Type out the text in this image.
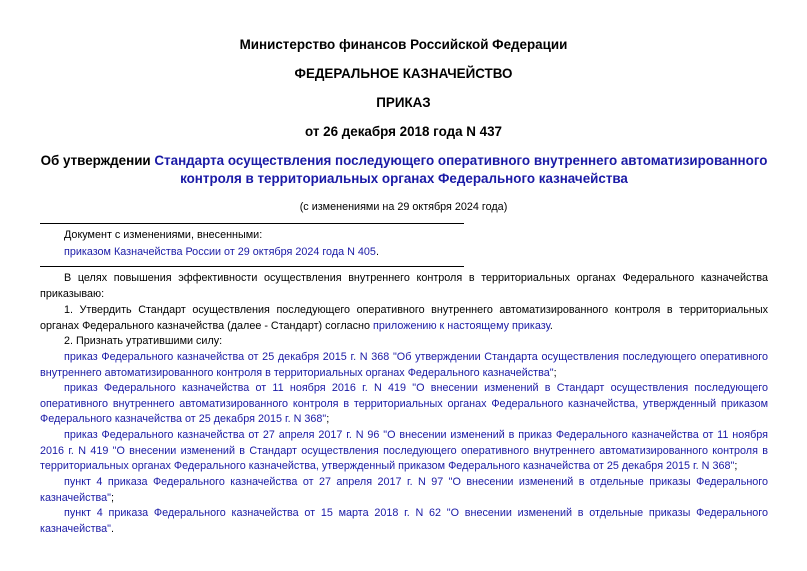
Министерство финансов Российской Федерации
ФЕДЕРАЛЬНОЕ КАЗНАЧЕЙСТВО
ПРИКАЗ
от 26 декабря 2018 года N 437
Об утверждении Стандарта осуществления последующего оперативного внутреннего автоматизированного контроля в территориальных органах Федерального казначейства
(с изменениями на 29 октября 2024 года)
Документ с изменениями, внесенными:
приказом Казначейства России от 29 октября 2024 года N 405.
В целях повышения эффективности осуществления внутреннего контроля в территориальных органах Федерального казначейства приказываю:
1. Утвердить Стандарт осуществления последующего оперативного внутреннего автоматизированного контроля в территориальных органах Федерального казначейства (далее - Стандарт) согласно приложению к настоящему приказу.
2. Признать утратившими силу:
приказ Федерального казначейства от 25 декабря 2015 г. N 368 "Об утверждении Стандарта осуществления последующего оперативного внутреннего автоматизированного контроля в территориальных органах Федерального казначейства";
приказ Федерального казначейства от 11 ноября 2016 г. N 419 "О внесении изменений в Стандарт осуществления последующего оперативного внутреннего автоматизированного контроля в территориальных органах Федерального казначейства, утвержденный приказом Федерального казначейства от 25 декабря 2015 г. N 368";
приказ Федерального казначейства от 27 апреля 2017 г. N 96 "О внесении изменений в приказ Федерального казначейства от 11 ноября 2016 г. N 419 "О внесении изменений в Стандарт осуществления последующего оперативного внутреннего автоматизированного контроля в территориальных органах Федерального казначейства, утвержденный приказом Федерального казначейства от 25 декабря 2015 г. N 368";
пункт 4 приказа Федерального казначейства от 27 апреля 2017 г. N 97 "О внесении изменений в отдельные приказы Федерального казначейства";
пункт 4 приказа Федерального казначейства от 15 марта 2018 г. N 62 "О внесении изменений в отдельные приказы Федерального казначейства".
